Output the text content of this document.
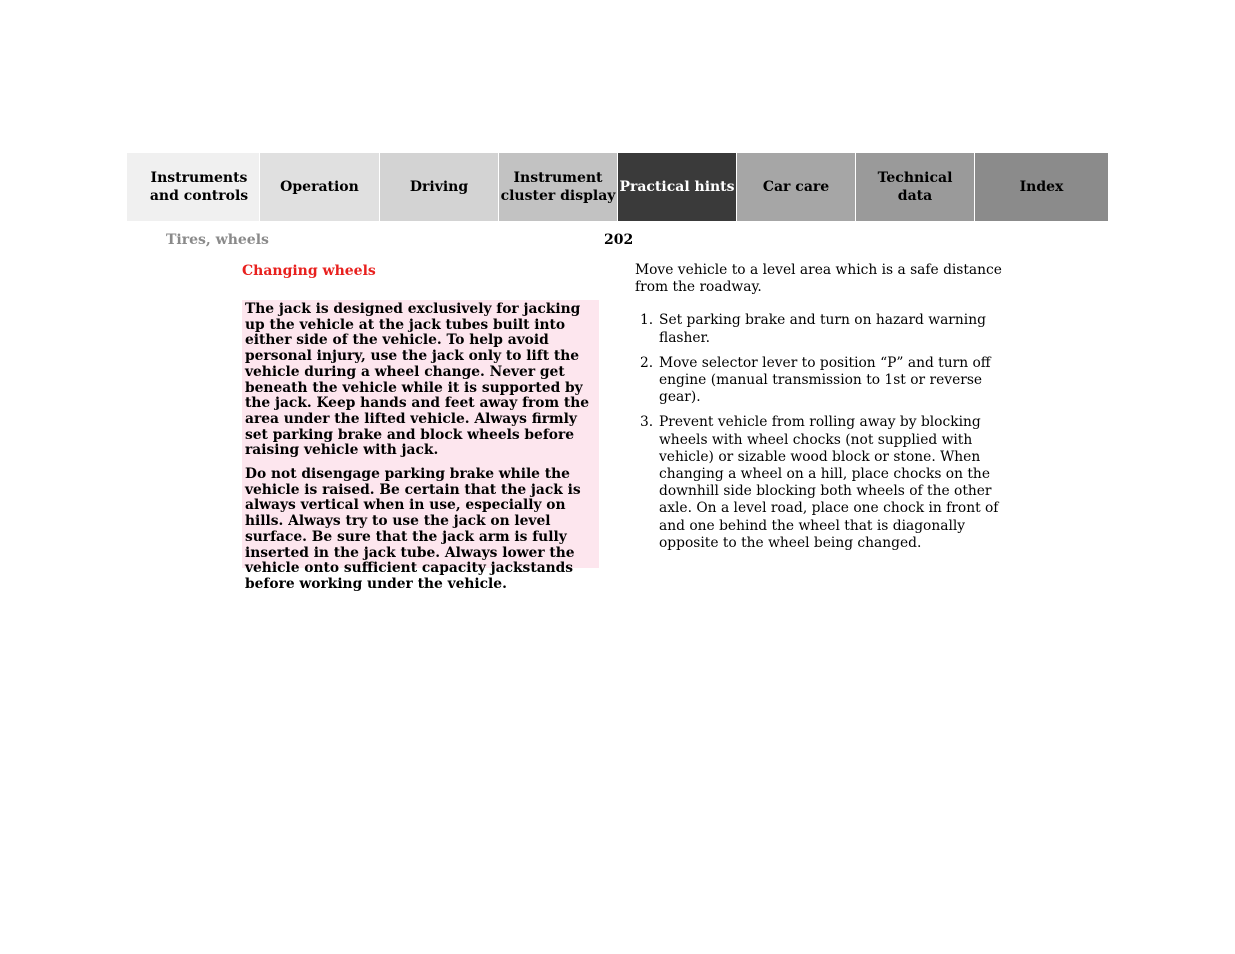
Instruments
and controls
Operation	Driving
Instrument
cluster display
Practical hints	Car care
Technical
data
Index
Tires, wheels	202
Changing wheels

The jack is designed exclusively for jacking up the vehicle at the jack tubes built into either side of the vehicle. To help avoid personal injury, use the jack only to lift the vehicle during a wheel change. Never get beneath the vehicle while it is supported by the jack. Keep hands and feet away from the area under the lifted vehicle. Always firmly set parking brake and block wheels before raising vehicle with jack.

Do not disengage parking brake while the vehicle is raised. Be certain that the jack is always vertical when in use, especially on hills. Always try to use the jack on level surface. Be sure that the jack arm is fully inserted in the jack tube. Always lower the vehicle onto sufficient capacity jackstands before working under the vehicle.

Move vehicle to a level area which is a safe distance from the roadway.

1. Set parking brake and turn on hazard warning flasher.
2. Move selector lever to position “P” and turn off engine (manual transmission to 1st or reverse gear).
3. Prevent vehicle from rolling away by blocking wheels with wheel chocks (not supplied with vehicle) or sizable wood block or stone. When changing a wheel on a hill, place chocks on the downhill side blocking both wheels of the other axle. On a level road, place one chock in front of and one behind the wheel that is diagonally opposite to the wheel being changed.
